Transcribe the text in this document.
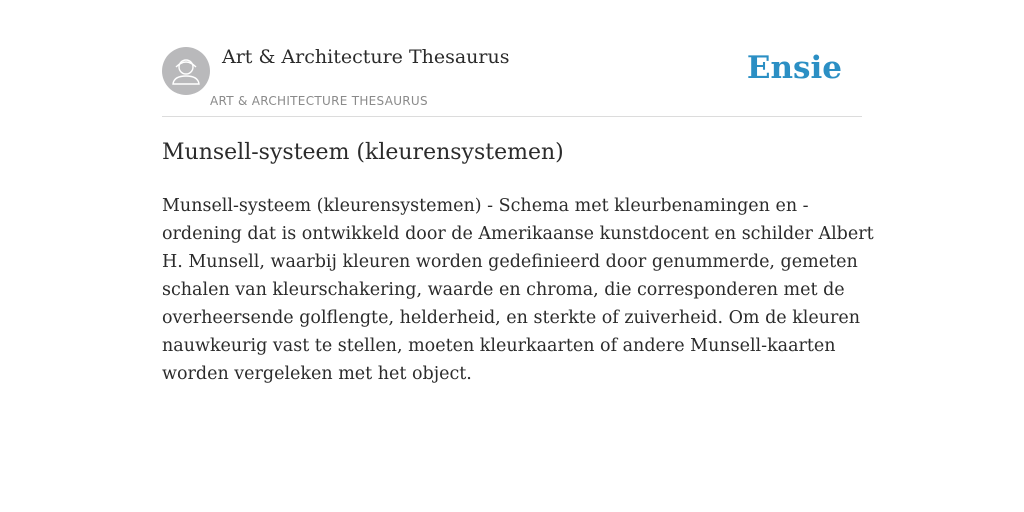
Art & Architecture Thesaurus
ART & ARCHITECTURE THESAURUS
Ensie
Munsell-systeem (kleurensystemen)
Munsell-systeem (kleurensystemen) - Schema met kleurbenamingen en -
ordening dat is ontwikkeld door de Amerikaanse kunstdocent en schilder Albert
H. Munsell, waarbij kleuren worden gedefinieerd door genummerde, gemeten
schalen van kleurschakering, waarde en chroma, die corresponderen met de
overheersende golflengte, helderheid, en sterkte of zuiverheid. Om de kleuren
nauwkeurig vast te stellen, moeten kleurkaarten of andere Munsell-kaarten
worden vergeleken met het object.
